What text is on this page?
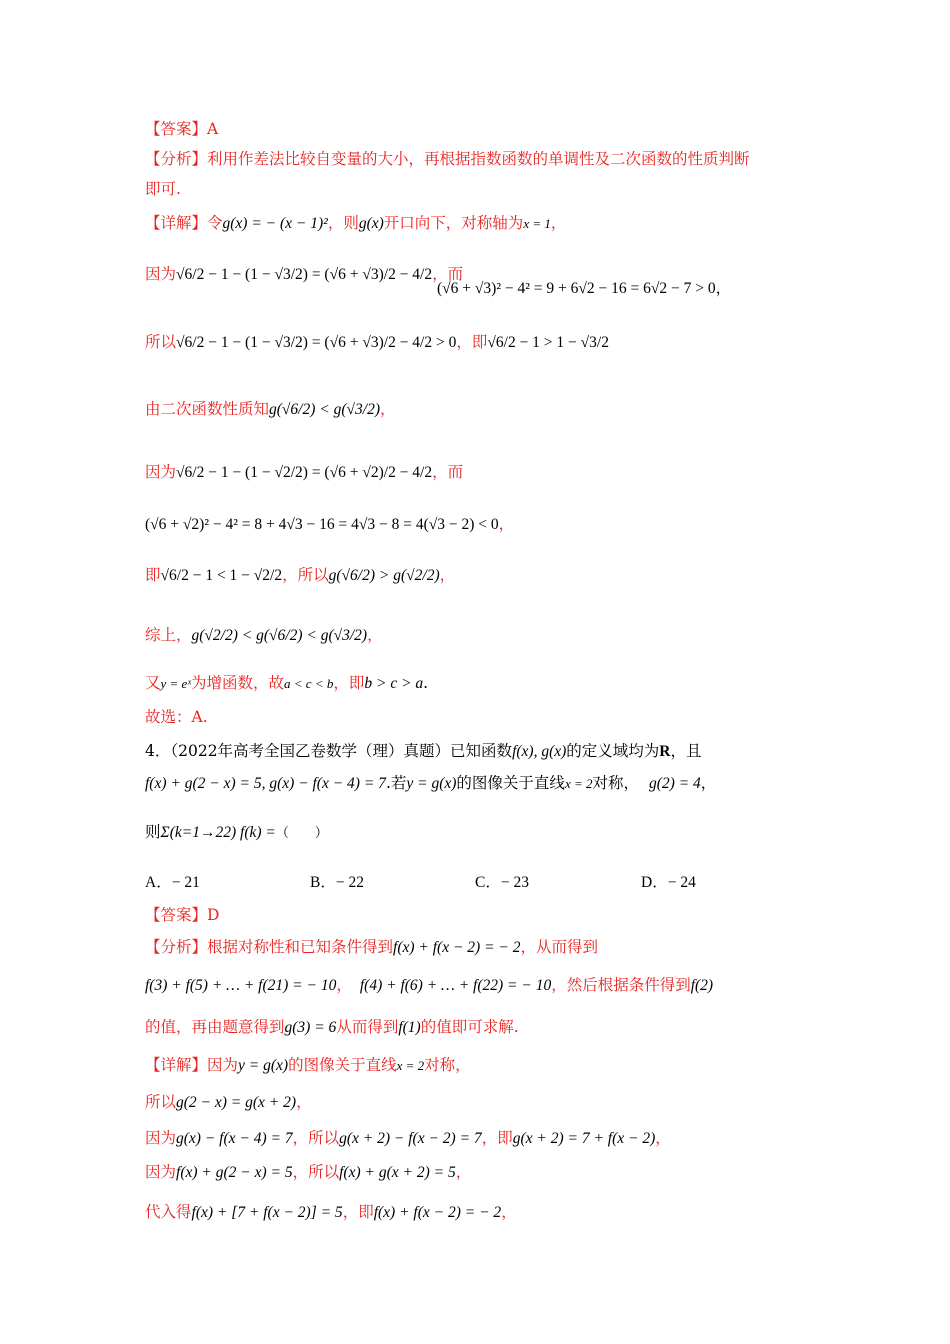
【答案】A
【分析】利用作差法比较自变量的大小，再根据指数函数的单调性及二次函数的性质判断
即可.
【详解】令g(x) = − (x − 1)²，则g(x)开口向下，对称轴为x = 1，
因为√6/2 − 1 − (1 − √3/2) = (√6 + √3)/2 − 4/2，而
(√6 + √3)² − 4² = 9 + 6√2 − 16 = 6√2 − 7 > 0，
所以√6/2 − 1 − (1 − √3/2) = (√6 + √3)/2 − 4/2 > 0，即√6/2 − 1 > 1 − √3/2
由二次函数性质知g(√6/2) < g(√3/2)，
因为√6/2 − 1 − (1 − √2/2) = (√6 + √2)/2 − 4/2，而
(√6 + √2)² − 4² = 8 + 4√3 − 16 = 4√3 − 8 = 4(√3 − 2) < 0，
即√6/2 − 1 < 1 − √2/2，所以g(√6/2) > g(√2/2)，
综上，g(√2/2) < g(√6/2) < g(√3/2)，
又y = eˣ为增函数，故a < c < b，即b > c > a.
故选：A.
4．（2022年高考全国乙卷数学（理）真题）已知函数f(x), g(x)的定义域均为R，且
f(x) + g(2 − x) = 5, g(x) − f(x − 4) = 7.若y = g(x)的图像关于直线x = 2对称， g(2) = 4，
则Σ(k=1→22) f(k) =（　　）
A．− 21	B．− 22	C．− 23	D．− 24
【答案】D
【分析】根据对称性和已知条件得到f(x) + f(x − 2) = − 2，从而得到
f(3) + f(5) + … + f(21) = − 10， f(4) + f(6) + … + f(22) = − 10，然后根据条件得到f(2)
的值，再由题意得到g(3) = 6从而得到f(1)的值即可求解.
【详解】因为y = g(x)的图像关于直线x = 2对称，
所以g(2 − x) = g(x + 2)，
因为g(x) − f(x − 4) = 7，所以g(x + 2) − f(x − 2) = 7，即g(x + 2) = 7 + f(x − 2)，
因为f(x) + g(2 − x) = 5，所以f(x) + g(x + 2) = 5，
代入得f(x) + [7 + f(x − 2)] = 5，即f(x) + f(x − 2) = − 2，
